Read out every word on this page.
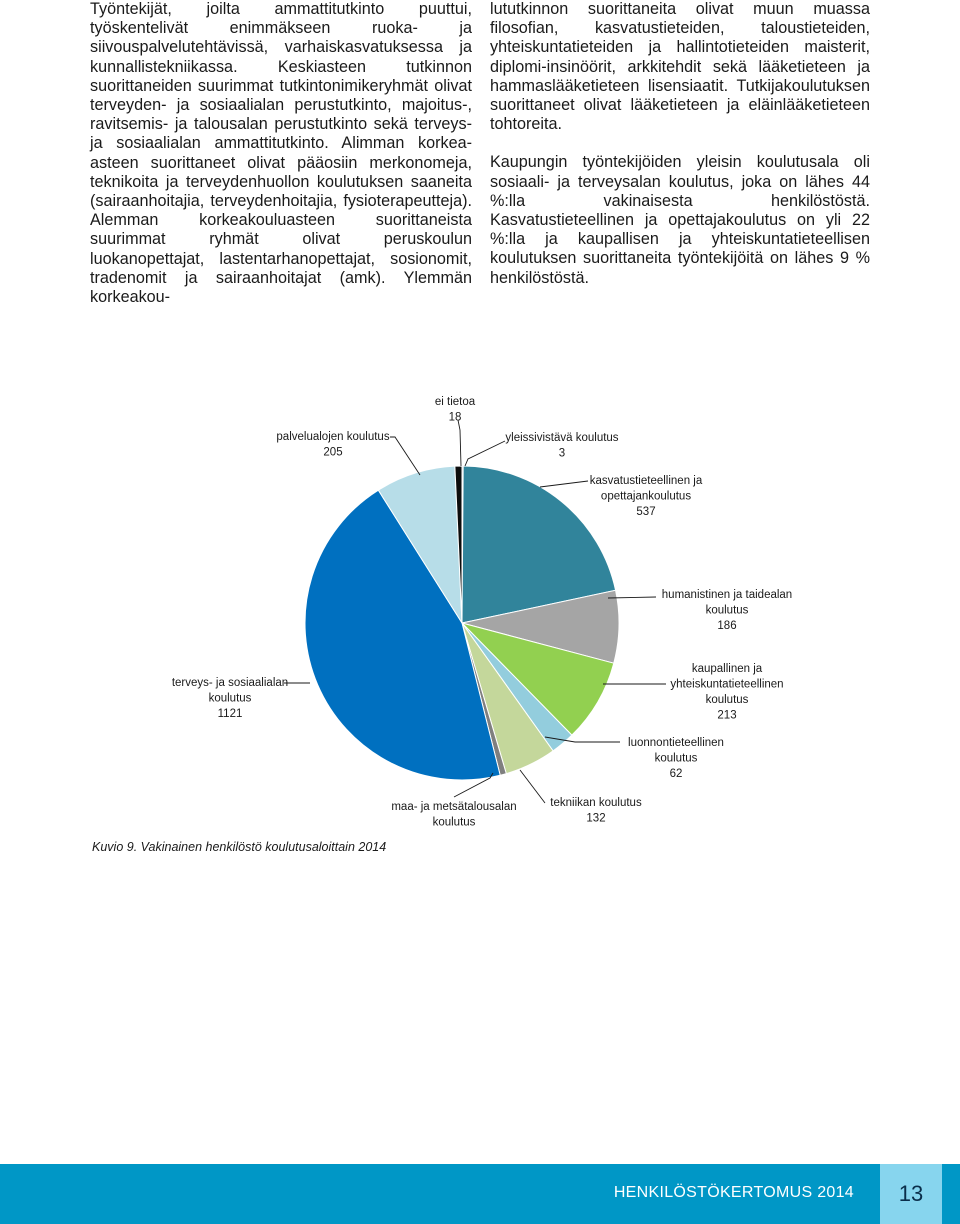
Työntekijät, joilta ammattitutkinto puuttui, työskentelivät enimmäkseen ruoka- ja siivouspalvelutehtävissä, varhaiskasvatuksessa ja kunnallistekniikassa. Keskiasteen tutkinnon suorittaneiden suurimmat tutkintonimikeryhmät olivat terveyden- ja sosiaalialan perustutkinto, majoitus-, ravitsemis- ja talousalan perustutkinto sekä terveys- ja sosiaalialan ammattitutkinto. Alimman korkea-asteen suorittaneet olivat pääosiin merkonomeja, teknikoita ja terveydenhuollon koulutuksen saaneita (sairaanhoitajia, terveydenhoitajia, fysioterapeutteja). Alemman korkeakouluasteen suorittaneista suurimmat ryhmät olivat peruskoulun luokanopettajat, lastentarhanopettajat, sosionomit, tradenomit ja sairaanhoitajat (amk). Ylemmän korkeakou-

lututkinnon suorittaneita olivat muun muassa filosofian, kasvatustieteiden, taloustieteiden, yhteiskuntatieteiden ja hallintotieteiden maisterit, diplomi-insinöörit, arkkitehdit sekä lääketieteen ja hammaslääketieteen lisensiaatit. Tutkijakoulutuksen suorittaneet olivat lääketieteen ja eläinlääketieteen tohtoreita.

Kaupungin työntekijöiden yleisin koulutusala oli sosiaali- ja terveysalan koulutus, joka on lähes 44 %:lla vakinaisesta henkilöstöstä. Kasvatustieteellinen ja opettajakoulutus on yli 22 %:lla ja kaupallisen ja yhteiskuntatieteellisen koulutuksen suorittaneita työntekijöitä on lähes 9 % henkilöstöstä.

yleissivistävä koulutus 3
kasvatustieteellinen ja opettajankoulutus 537
humanistinen ja taidealan koulutus 186
kaupallinen ja yhteiskuntatieteellinen koulutus 213
luonnontieteellinen koulutus 62
tekniikan koulutus 132
maa- ja metsätalousalan koulutus
terveys- ja sosiaalialan koulutus 1121
palvelualojen koulutus 205
ei tietoa 18
Kuvio 9. Vakinainen henkilöstö koulutusaloittain 2014
HENKILÖSTÖKERTOMUS 2014	13
